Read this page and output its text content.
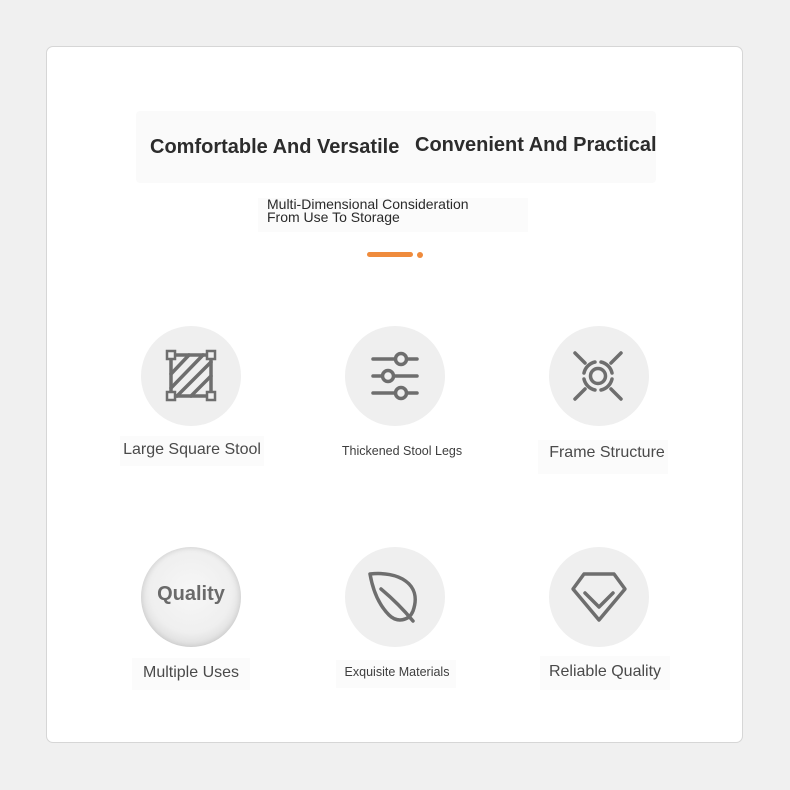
Comfortable And Versatile Convenient And Practical
Multi-Dimensional Consideration
From Use To Storage
Large Square Stool	Thickened Stool Legs	Frame Structure
Quality
Multiple Uses	Exquisite Materials	Reliable Quality
